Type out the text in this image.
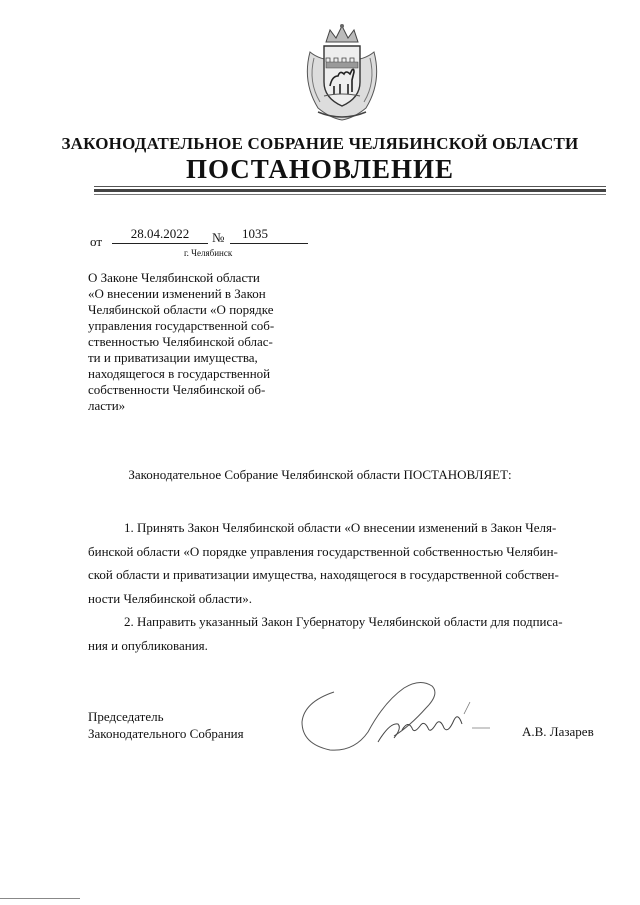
ЗАКОНОДАТЕЛЬНОЕ СОБРАНИЕ ЧЕЛЯБИНСКОЙ ОБЛАСТИ
ПОСТАНОВЛЕНИЕ
от
28.04.2022	№	1035
г. Челябинск
О Законе Челябинской области
«О внесении изменений в Закон
Челябинской области «О порядке
управления государственной соб-
ственностью Челябинской облас-
ти и приватизации имущества,
находящегося в государственной
собственности Челябинской об-
ласти»
Законодательное Собрание Челябинской области ПОСТАНОВЛЯЕТ:
1. Принять Закон Челябинской области «О внесении изменений в Закон Челя-
бинской области «О порядке управления государственной собственностью Челябин-
ской области и приватизации имущества, находящегося в государственной собствен-
ности Челябинской области».
2. Направить указанный Закон Губернатору Челябинской области для подписа-
ния и опубликования.
Председатель
Законодательного Собрания	А.В. Лазарев
